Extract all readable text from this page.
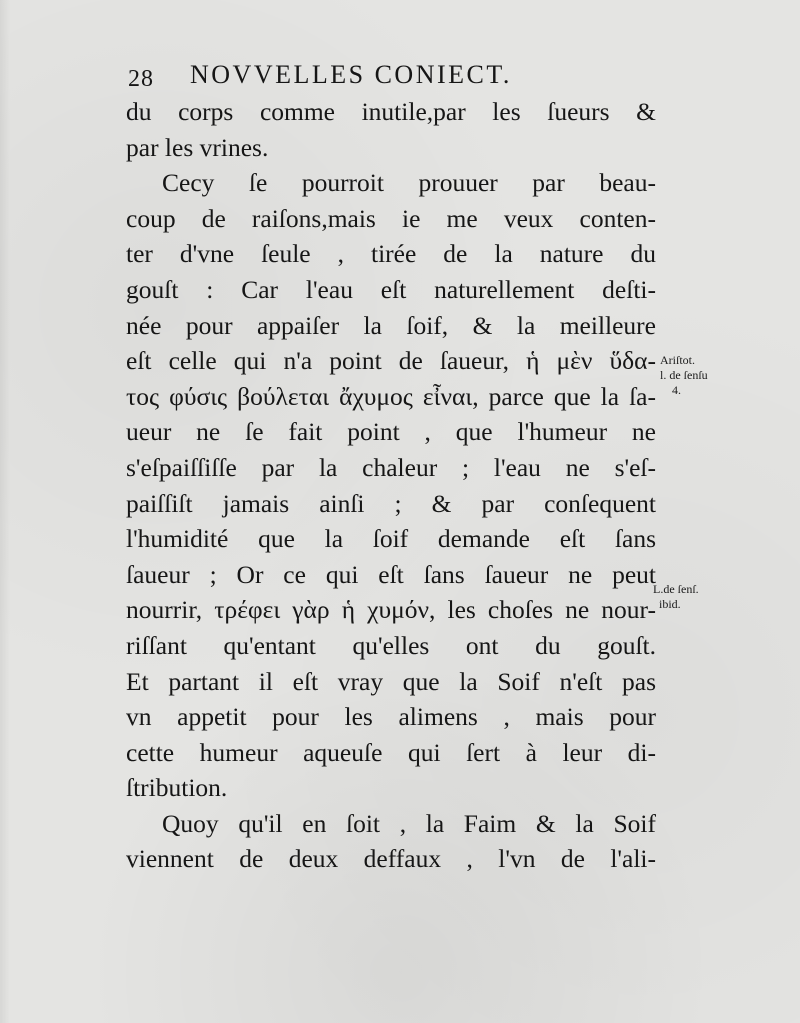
28 NOVVELLES CONIECT.
du corps comme inutile,par les ſueurs &
par les vrines.
Cecy ſe pourroit prouuer par beau-
coup de raiſons,mais ie me veux conten-
ter d'vne ſeule , tirée de la nature du
gouſt : Car l'eau eſt naturellement deſti-
née pour appaiſer la ſoif, & la meilleure
eſt celle qui n'a point de ſaueur, ἡ μὲν ὕδα-
τος φύσις βούλεται ἄχυμος εἶναι, parce que la ſa-
ueur ne ſe fait point , que l'humeur ne
s'eſpaiſſiſſe par la chaleur ; l'eau ne s'eſ-
paiſſiſt jamais ainſi ; & par conſequent
l'humidité que la ſoif demande eſt ſans
ſaueur ; Or ce qui eſt ſans ſaueur ne peut
nourrir, τρέφει γὰρ ἡ χυμόν, les choſes ne nour-
riſſant qu'entant qu'elles ont du gouſt.
Et partant il eſt vray que la Soif n'eſt pas
vn appetit pour les alimens , mais pour
cette humeur aqueuſe qui ſert à leur di-
ſtribution.
Quoy qu'il en ſoit , la Faim & la Soif
viennent de deux deffaux , l'vn de l'ali-
Ariſtot.
l. de ſenſu
4.
L.de ſenſ.
ibid.
